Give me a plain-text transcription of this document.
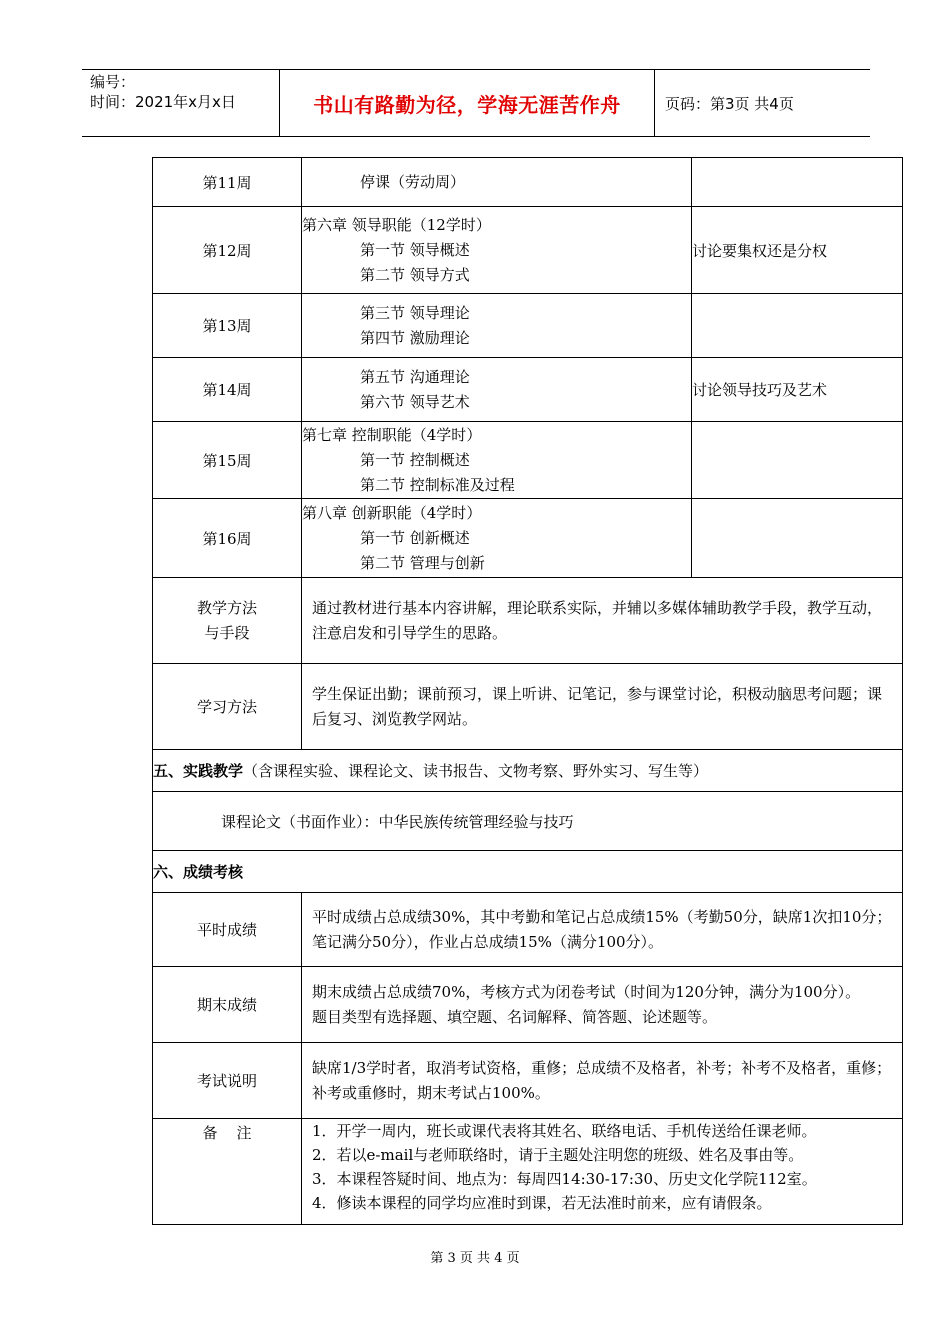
编号：
时间：2021年x月x日	书山有路勤为径，学海无涯苦作舟	页码：第3页 共4页
第11周	停课（劳动周）	

第12周	第六章 领导职能（12学时）
第一节 领导概述
第二节 领导方式	讨论要集权还是分权
第13周	第三节 领导理论
第四节 激励理论	

第14周	第五节 沟通理论
第六节 领导艺术	讨论领导技巧及艺术
第15周	第七章 控制职能（4学时）
第一节 控制概述
第二节 控制标准及过程	

第16周	第八章 创新职能（4学时）
第一节 创新概述
第二节 管理与创新	

教学方法
与手段	通过教材进行基本内容讲解，理论联系实际，并辅以多媒体辅助教学手段，教学互动，注意启发和引导学生的思路。	

学习方法	学生保证出勤；课前预习，课上听讲、记笔记，参与课堂讨论，积极动脑思考问题；课后复习、浏览教学网站。	

五、实践教学（含课程实验、课程论文、读书报告、文物考察、野外实习、写生等）		
课程论文（书面作业）：中华民族传统管理经验与技巧		
六、成绩考核		
平时成绩	平时成绩占总成绩30%，其中考勤和笔记占总成绩15%（考勤50分，缺席1次扣10分；笔记满分50分），作业占总成绩15%（满分100分）。	

期末成绩	期末成绩占总成绩70%，考核方式为闭卷考试（时间为120分钟，满分为100分）。
题目类型有选择题、填空题、名词解释、简答题、论述题等。	

考试说明	缺席1/3学时者，取消考试资格，重修；总成绩不及格者，补考；补考不及格者，重修；补考或重修时，期末考试占100%。	

备    注	1．开学一周内，班长或课代表将其姓名、联络电话、手机传送给任课老师。
2．若以e-mail与老师联络时，请于主题处注明您的班级、姓名及事由等。
3．本课程答疑时间、地点为：每周四14:30-17:30、历史文化学院112室。
4．修读本课程的同学均应准时到课，若无法准时前来，应有请假条。	
第 3 页 共 4 页
